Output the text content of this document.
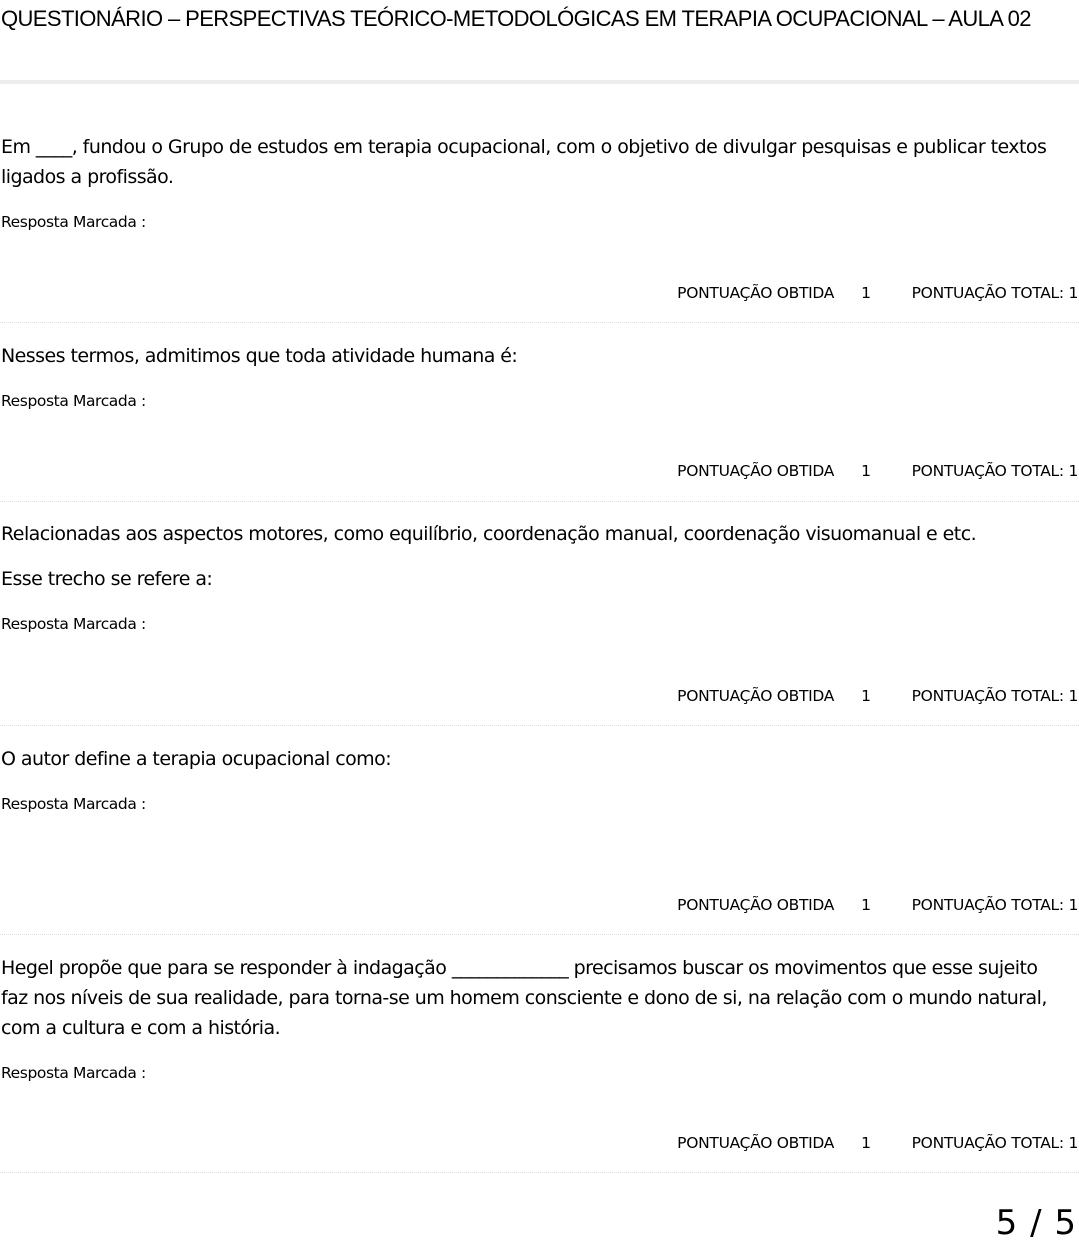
QUESTIONÁRIO – PERSPECTIVAS TEÓRICO-METODOLÓGICAS EM TERAPIA OCUPACIONAL – AULA 02

Em ____, fundou o Grupo de estudos em terapia ocupacional, com o objetivo de divulgar pesquisas e publicar textos ligados a profissão.

Resposta Marcada :
PONTUAÇÃO OBTIDA 1	PONTUAÇÃO TOTAL: 1

Nesses termos, admitimos que toda atividade humana é:

Resposta Marcada :
PONTUAÇÃO OBTIDA 1	PONTUAÇÃO TOTAL: 1

Relacionadas aos aspectos motores, como equilíbrio, coordenação manual, coordenação visuomanual e etc.

Esse trecho se refere a:

Resposta Marcada :
PONTUAÇÃO OBTIDA 1	PONTUAÇÃO TOTAL: 1

O autor define a terapia ocupacional como:

Resposta Marcada :
PONTUAÇÃO OBTIDA 1	PONTUAÇÃO TOTAL: 1

Hegel propõe que para se responder à indagação _____________ precisamos buscar os movimentos que esse sujeito faz nos níveis de sua realidade, para torna-se um homem consciente e dono de si, na relação com o mundo natural, com a cultura e com a história.

Resposta Marcada :
PONTUAÇÃO OBTIDA 1	PONTUAÇÃO TOTAL: 1
5 / 5
